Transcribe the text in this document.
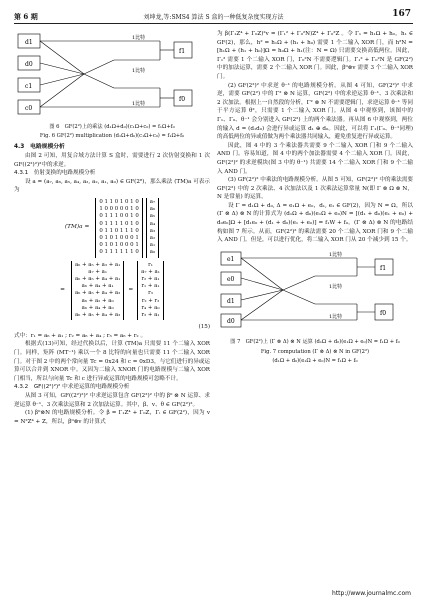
第 6 期	刘坤龙,等:SMS4 算法 S 盒的一种低复杂度实现方法	167
d1
d0
c1
c0
1比特
1比特
1比特
f1
f0
图 6　GF(2²)上的乘法 (d₁Ω+d₀)(c₁Ω+c₀) = f₁Ω+f₀
Fig. 6 GF(2²) multiplication (d₁Ω+d₀)(c₁Ω+c₀) = f₁Ω+f₀
4.3　电路规模分析
由图 2 可知，用复合域方法计算 S 盒时，需要进行 2 次仿射变换和 1 次 GF((2²)²)²中的求逆。
4.3.1　仿射变换的电路规模分析
设 a = (a₇, a₆, a₅, a₄, a₃, a₂, a₁, a₀) ∈ GF(2⁸)，那么乘法 (TM)a 可表示为
(TM)a =
0 1 1 0 1 0 1 0
1 0 0 0 0 0 1 0
0 1 1 1 0 0 1 0
0 1 1 1 1 0 1 0
0 1 1 0 1 1 1 0
0 1 0 1 0 0 0 1
0 1 0 1 0 0 0 1
0 1 1 1 1 1 1 0
a₇
a₆
a₅
a₄
a₃
a₂
a₁
a₀
=
a₆ + a₅ + a₃ + a₁
a₇ + a₁
a₆ + a₅ + a₄ + a₁
a₆ + a₄ + a₁
a₆ + a₅ + a₄ + a₃
a₆ + a₂ + a₀
a₆ + a₄ + a₀
a₆ + a₅ + a₄ + a₃
=
r₁
a₇ + a₁
r₂ + a₁
r₁ + a₁
r₃
r₂ + r₃
r₄ + a₀
r₃ + a₁
(15)
式中：r₁ = a₆ + a₁ ; r₂ = a₆ + a₄ ; r₃ = a₆ + r₂ 。
根据式(13)可知，经过代换以后，计算 (TM)a 只需要 11 个二输入 XOR 门。同样，矩阵 (MT⁻¹) 乘以一个 8 比特的向量也只需要 11 个二输入 XOR 门。对于图 2 中的两个常向量 Tc = 0x24 和 c = 0xD3，与它们进行的异或运算可以合并到 XNOR 中。又因为二输入 XNOR 门的电路规模与二输入 XOR 门相当，所以与向量 Tc 和 c 进行异或运算的电路规模可忽略不计。
4.3.2　GF((2²)²)² 中求逆运算的电路规模分析
从图 3 可知，GF((2²)²)² 中求逆运算包含 GF(2²)² 中的 β⁰ ⊗ N 运算、求逆运算 θ⁻¹、3 次乘法运算和 2 次加法运算。其中，β、v、θ ∈ GF(2²)²。
(1) β⁰⊗N 的电路规模分析。令 β = Γ₁Z⁴ + Γ₀Z，Γᵢ ∈ GF(2²)，因为 v = N²Z⁴ + Z，所以，β⁰⊗v 的计算式
为 β(Γ₁Z⁴ + Γ₀Z)²v = (Γ₁² + Γ₀²N)Z⁴ + Γ₀²Z 。令 Γ₁ = h₁Ω + h₀，h₁ ∈ GF(2)，那么，h² = h₁Ω + (h₁ + h₀) 需要 1 个二输入 XOR 门，而 h²N = [h₁Ω + (h₁ + h₀)]Ω = h₀Ω + h₁(注：N = Ω) 只需要交换高低两位。因此，Γ₁² 需要 1 个二输入 XOR 门，Γ₀²N 不需要逻辑门。Γ₁² + Γ₀²N 是 GF(2²) 中的加法运算，需要 2 个二输入 XOR 门。因此，β⁰⊗v 需要 3 个二输入 XOR 门。
(2) GF(2²)² 中求逆 θ⁻¹ 的电路规模分析。从图 4 可知，GF(2²)² 中求逆，需要 GF(2²) 中的 Γ² ⊗ N 运算，GF(2²) 中的求逆运算 θ⁻¹、3 次乘法和 2 次加法。根据上一自然段的分析，Γ² ⊗ N 不需要逻辑门，求逆运算 θ⁻¹ 等同于平方运算 θ²，只需要 1 个二输入 XOR 门。从图 4 中观察到，该图中的 Γ₁、Γ₀、θ⁻¹ 会分别进入 GF(2²) 上的两个乘法器。再从图 6 中观察到，两位的输入 d = (d₁d₀) 会进行异或运算 d₁ ⊕ d₀。因此，可以将 Γ₁(Γ₀、θ⁻¹同理) 的高低两位的异或值做为两个乘法器共同输入，避免重复进行异或运算。
因此，图 4 中的 3 个乘法器共需要 9 个二输入 XOR 门和 9 个二输入 AND 门。容易知道，图 4 中的两个加法器需要 4 个二输入 XOR 门。因此，GF(2²)² 的求逆模块(图 3 中的 θ⁻¹) 共需要 14 个二输入 XOR 门和 9 个二输入 AND 门。
(3) GF(2²)² 中乘法的电路规模分析。从图 5 可知，GF(2²)² 中的乘法需要 GF(2²) 中的 2 次乘法、4 次加法以及 1 次乘法运算常量 N(即 Γ ⊗ Ω ⊗ N，N 是常量) 的运算。
设 Γ = d₁Ω + d₀, Δ = e₁Ω + e₀，d₁, e₁ ∈ GF(2)，因为 N = Ω，所以 (Γ ⊗ Δ) ⊗ N 的计算式为 (d₁Ω + d₀)(e₁Ω + e₀)N = [(d₁ + d₀)(e₁ + e₀) + d₀e₀]Ω + [d₁e₀ + (d₁ + d₀)(e₁ + e₀)] = f₁W + f₀。(Γ ⊗ Δ) ⊗ N 的电路结构如图 7 所示。从而，GF(2²)² 的乘法需要 20 个二输入 XOR 门和 9 个二输入 AND 门。但是，可以进行优化，将二输入 XOR 门从 20 个减少到 15 个。
e1
e0
d1
d0
1比特
1比特
1比特
f1
f0
图 7　GF(2²)上 (Γ ⊗ Δ) ⊗ N 运算 (d₁Ω + d₀)(e₁Ω + e₀)N = f₁Ω + f₀
Fig. 7 computation (Γ ⊗ Δ) ⊗ N in GF(2²)
(d₁Ω + d₀)(e₁Ω + e₀)N = f₁Ω + f₀
http://www.journalmc.com
